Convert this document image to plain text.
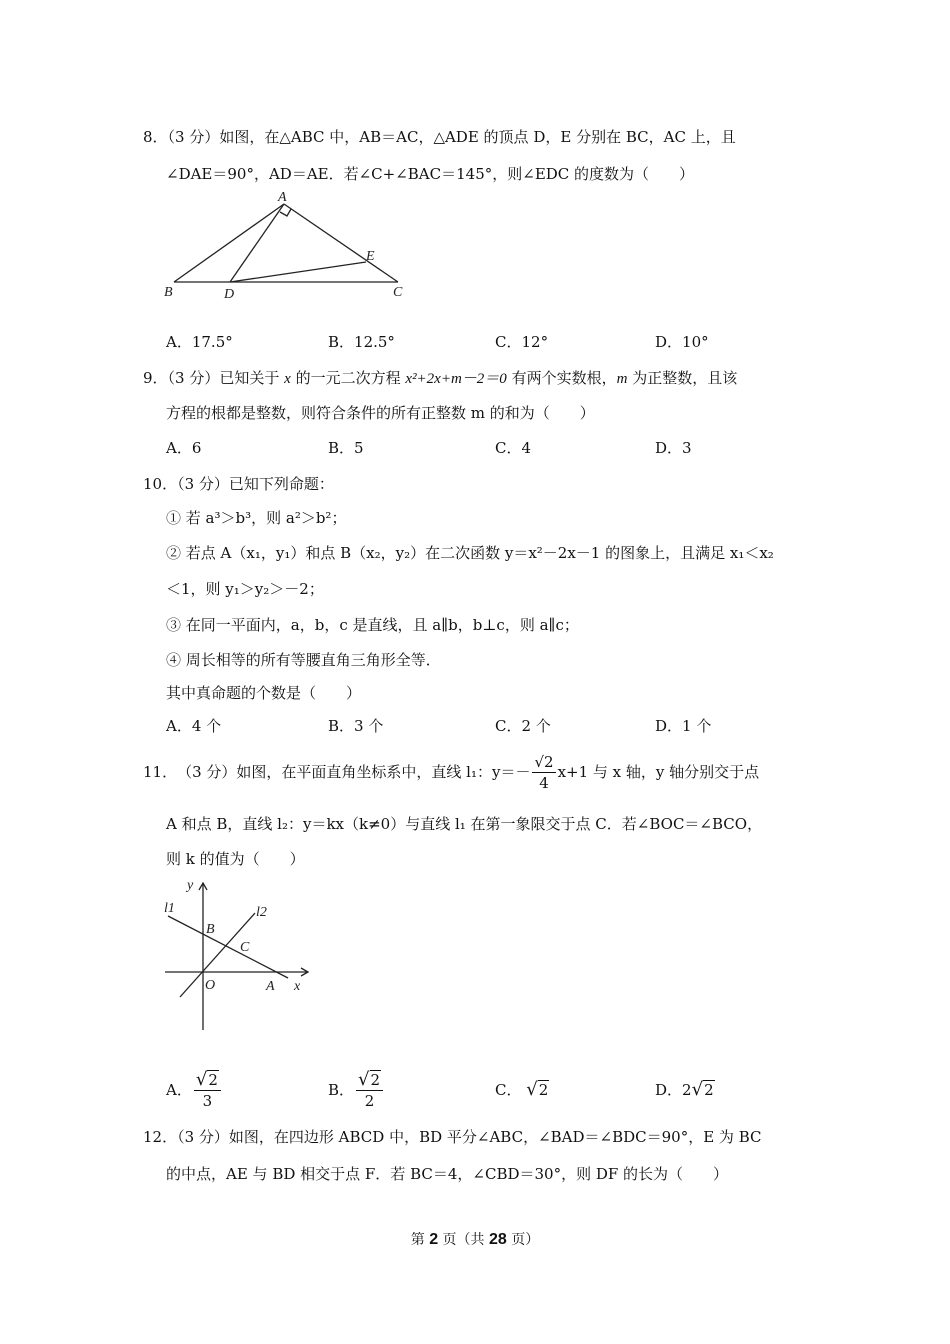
8．（3 分）如图，在△ABC 中，AB＝AC，△ADE 的顶点 D，E 分别在 BC，AC 上，且
∠DAE＝90°，AD＝AE．若∠C+∠BAC＝145°，则∠EDC 的度数为（　　）
A
B	D	C
E
A．17.5°	B．12.5°	C．12°	D．10°
9．（3 分）已知关于 x 的一元二次方程 x²+2x+m－2＝0 有两个实数根，m 为正整数，且该
方程的根都是整数，则符合条件的所有正整数 m 的和为（　　）
A．6	B．5	C．4	D．3
10．（3 分）已知下列命题：
① 若 a³＞b³，则 a²＞b²；
② 若点 A（x₁，y₁）和点 B（x₂，y₂）在二次函数 y＝x²－2x－1 的图象上，且满足 x₁＜x₂
＜1，则 y₁＞y₂＞－2；
③ 在同一平面内，a，b，c 是直线，且 a∥b，b⊥c，则 a∥c；
④ 周长相等的所有等腰直角三角形全等．
其中真命题的个数是（　　）
A．4 个	B．3 个	C．2 个	D．1 个
11． （3 分） 如图，在平面直角坐标系中，直线 l₁：$y=- \frac{√2}{4} x+1$ 与 x 轴，y 轴分别交于点
A 和点 B，直线 l₂：y＝kx（k≠0）与直线 l₁ 在第一象限交于点 C．若∠BOC＝∠BCO，
则 k 的值为（　　）
y
l1	l2
B
C
O	A x
A． $\frac{√2}{3}$	B． $\frac{√2}{2}$	C． √2	D．2√2
12．（3 分）如图，在四边形 ABCD 中，BD 平分∠ABC，∠BAD＝∠BDC＝90°，E 为 BC
的中点，AE 与 BD 相交于点 F．若 BC＝4，∠CBD＝30°，则 DF 的长为（　　）
第 2 页（共 28 页）
